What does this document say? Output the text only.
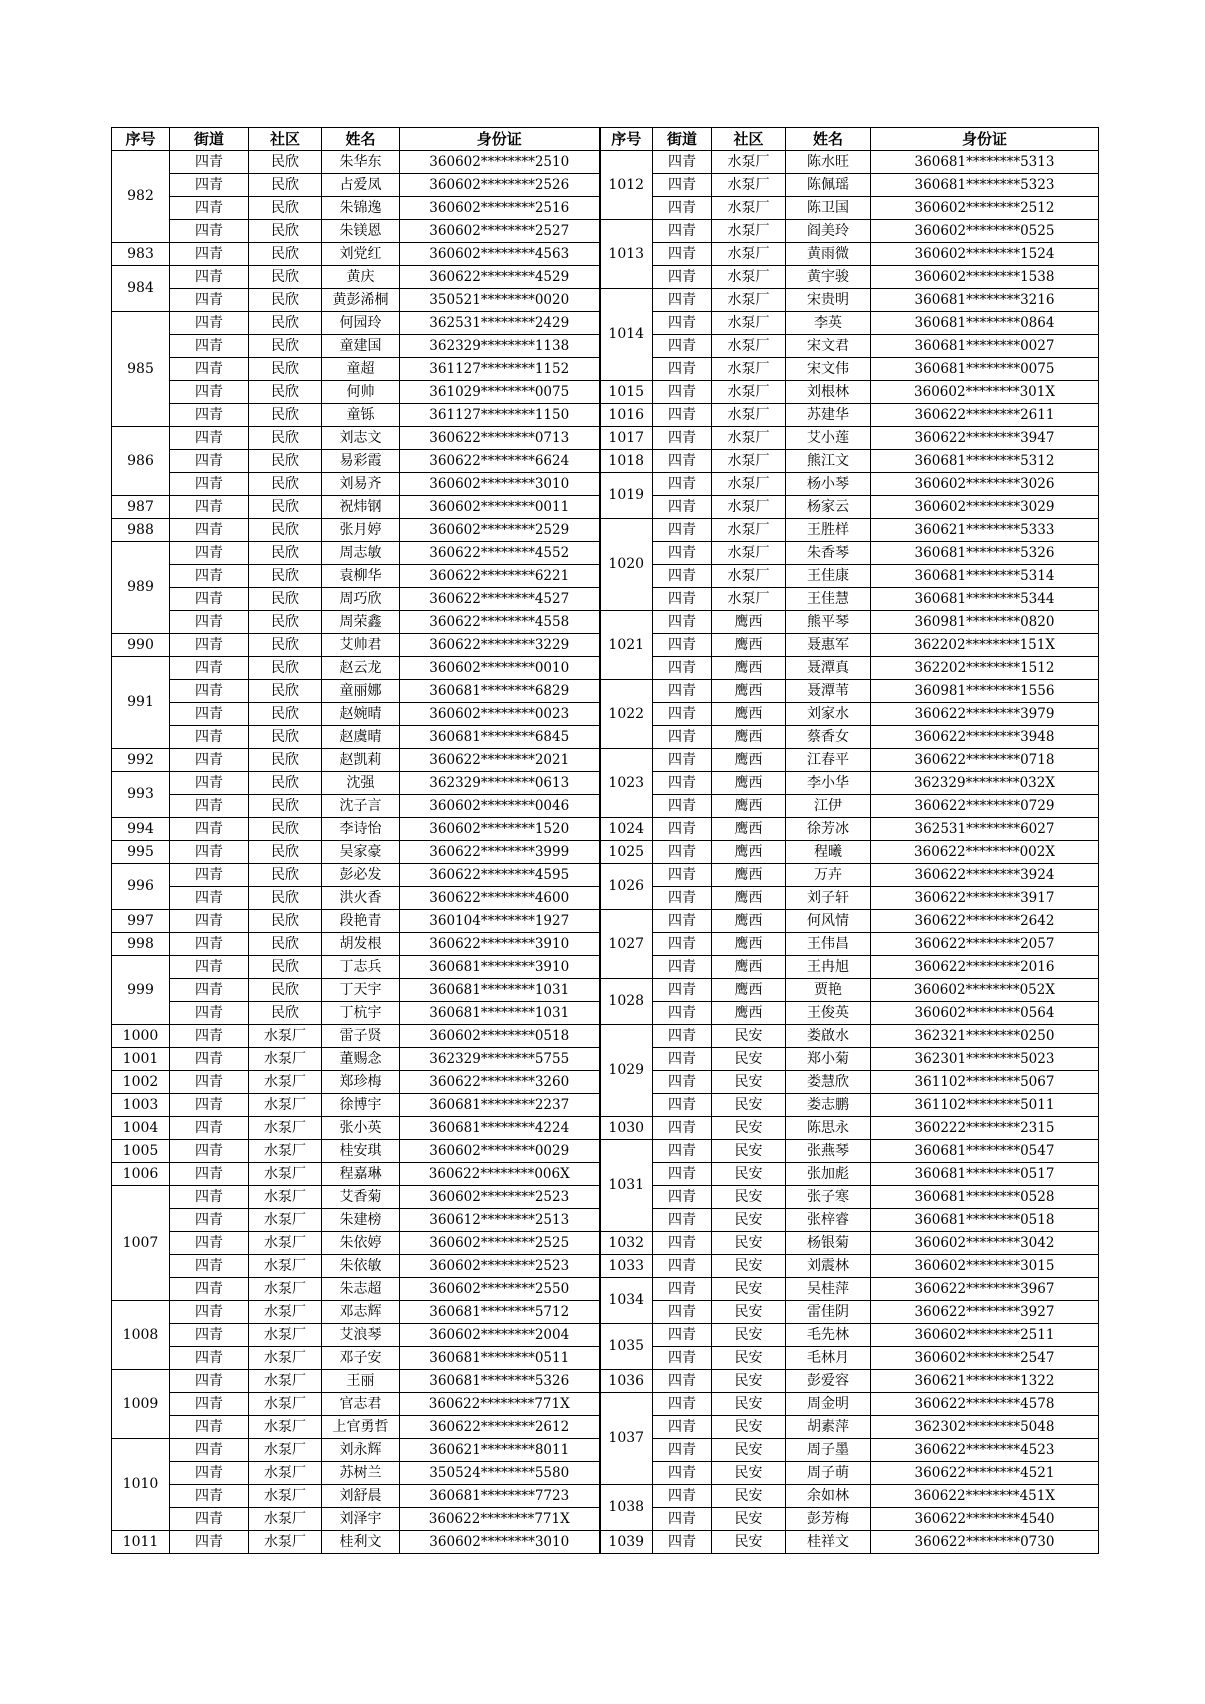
序号	街道	社区	姓名	身份证	序号	街道	社区	姓名	身份证
982	四青	民欣	朱华东	360602********2510	1012	四青	水泵厂	陈水旺	360681********5313
	四青	民欣	占爱凤	360602********2526		四青	水泵厂	陈佩瑶	360681********5323
	四青	民欣	朱锦逸	360602********2516		四青	水泵厂	陈卫国	360602********2512
	四青	民欣	朱镁恩	360602********2527	1013	四青	水泵厂	阎美玲	360602********0525
983	四青	民欣	刘党红	360602********4563		四青	水泵厂	黄雨微	360602********1524
984	四青	民欣	黄庆	360622********4529		四青	水泵厂	黄宇骏	360602********1538
	四青	民欣	黄彭浠桐	350521********0020	1014	四青	水泵厂	宋贵明	360681********3216
985	四青	民欣	何园玲	362531********2429		四青	水泵厂	李英	360681********0864
	四青	民欣	童建国	362329********1138		四青	水泵厂	宋文君	360681********0027
	四青	民欣	童超	361127********1152		四青	水泵厂	宋文伟	360681********0075
	四青	民欣	何帅	361029********0075	1015	四青	水泵厂	刘根林	360602********301X
	四青	民欣	童铄	361127********1150	1016	四青	水泵厂	苏建华	360622********2611
986	四青	民欣	刘志文	360622********0713	1017	四青	水泵厂	艾小莲	360622********3947
	四青	民欣	易彩霞	360622********6624	1018	四青	水泵厂	熊江文	360681********5312
	四青	民欣	刘易齐	360602********3010	1019	四青	水泵厂	杨小琴	360602********3026
987	四青	民欣	祝炜钢	360602********0011		四青	水泵厂	杨家云	360602********3029
988	四青	民欣	张月婷	360602********2529	1020	四青	水泵厂	王胜样	360621********5333
989	四青	民欣	周志敏	360622********4552		四青	水泵厂	朱香琴	360681********5326
	四青	民欣	袁柳华	360622********6221		四青	水泵厂	王佳康	360681********5314
	四青	民欣	周巧欣	360622********4527		四青	水泵厂	王佳慧	360681********5344
	四青	民欣	周荣鑫	360622********4558	1021	四青	鹰西	熊平琴	360981********0820
990	四青	民欣	艾帅君	360622********3229		四青	鹰西	聂惠军	362202********151X
991	四青	民欣	赵云龙	360602********0010		四青	鹰西	聂潭真	362202********1512
	四青	民欣	童丽娜	360681********6829	1022	四青	鹰西	聂潭苇	360981********1556
	四青	民欣	赵婉晴	360602********0023		四青	鹰西	刘家水	360622********3979
	四青	民欣	赵虞晴	360681********6845		四青	鹰西	蔡香女	360622********3948
992	四青	民欣	赵凯莉	360622********2021	1023	四青	鹰西	江春平	360622********0718
993	四青	民欣	沈强	362329********0613		四青	鹰西	李小华	362329********032X
	四青	民欣	沈子言	360602********0046		四青	鹰西	江伊	360622********0729
994	四青	民欣	李诗怡	360602********1520	1024	四青	鹰西	徐芳冰	362531********6027
995	四青	民欣	吴家豪	360622********3999	1025	四青	鹰西	程曦	360622********002X
996	四青	民欣	彭必发	360622********4595	1026	四青	鹰西	万卉	360622********3924
	四青	民欣	洪火香	360622********4600		四青	鹰西	刘子轩	360622********3917
997	四青	民欣	段艳青	360104********1927	1027	四青	鹰西	何风情	360622********2642
998	四青	民欣	胡发根	360622********3910		四青	鹰西	王伟昌	360622********2057
999	四青	民欣	丁志兵	360681********3910		四青	鹰西	王冉旭	360622********2016
	四青	民欣	丁天宇	360681********1031	1028	四青	鹰西	贾艳	360602********052X
	四青	民欣	丁杭宇	360681********1031		四青	鹰西	王俊英	360602********0564
1000	四青	水泵厂	雷子贤	360602********0518	1029	四青	民安	娄啟水	362321********0250
1001	四青	水泵厂	董赐念	362329********5755		四青	民安	郑小菊	362301********5023
1002	四青	水泵厂	郑珍梅	360622********3260		四青	民安	娄慧欣	361102********5067
1003	四青	水泵厂	徐博宇	360681********2237		四青	民安	娄志鹏	361102********5011
1004	四青	水泵厂	张小英	360681********4224	1030	四青	民安	陈思永	360222********2315
1005	四青	水泵厂	桂安琪	360602********0029	1031	四青	民安	张燕琴	360681********0547
1006	四青	水泵厂	程嘉琳	360622********006X		四青	民安	张加彪	360681********0517
1007	四青	水泵厂	艾香菊	360602********2523		四青	民安	张子寒	360681********0528
	四青	水泵厂	朱建榜	360612********2513		四青	民安	张梓睿	360681********0518
	四青	水泵厂	朱依婷	360602********2525	1032	四青	民安	杨银菊	360602********3042
	四青	水泵厂	朱依敏	360602********2523	1033	四青	民安	刘震林	360602********3015
	四青	水泵厂	朱志超	360602********2550	1034	四青	民安	吴桂萍	360622********3967
1008	四青	水泵厂	邓志辉	360681********5712		四青	民安	雷佳阴	360622********3927
	四青	水泵厂	艾浪琴	360602********2004	1035	四青	民安	毛先林	360602********2511
	四青	水泵厂	邓子安	360681********0511		四青	民安	毛林月	360602********2547
1009	四青	水泵厂	王丽	360681********5326	1036	四青	民安	彭爱容	360621********1322
	四青	水泵厂	官志君	360622********771X	1037	四青	民安	周金明	360622********4578
	四青	水泵厂	上官勇哲	360622********2612		四青	民安	胡素萍	362302********5048
1010	四青	水泵厂	刘永辉	360621********8011		四青	民安	周子墨	360622********4523
	四青	水泵厂	苏树兰	350524********5580		四青	民安	周子萌	360622********4521
	四青	水泵厂	刘舒晨	360681********7723	1038	四青	民安	余如林	360622********451X
	四青	水泵厂	刘泽宇	360622********771X		四青	民安	彭芳梅	360622********4540
1011	四青	水泵厂	桂利文	360602********3010	1039	四青	民安	桂祥文	360622********0730
